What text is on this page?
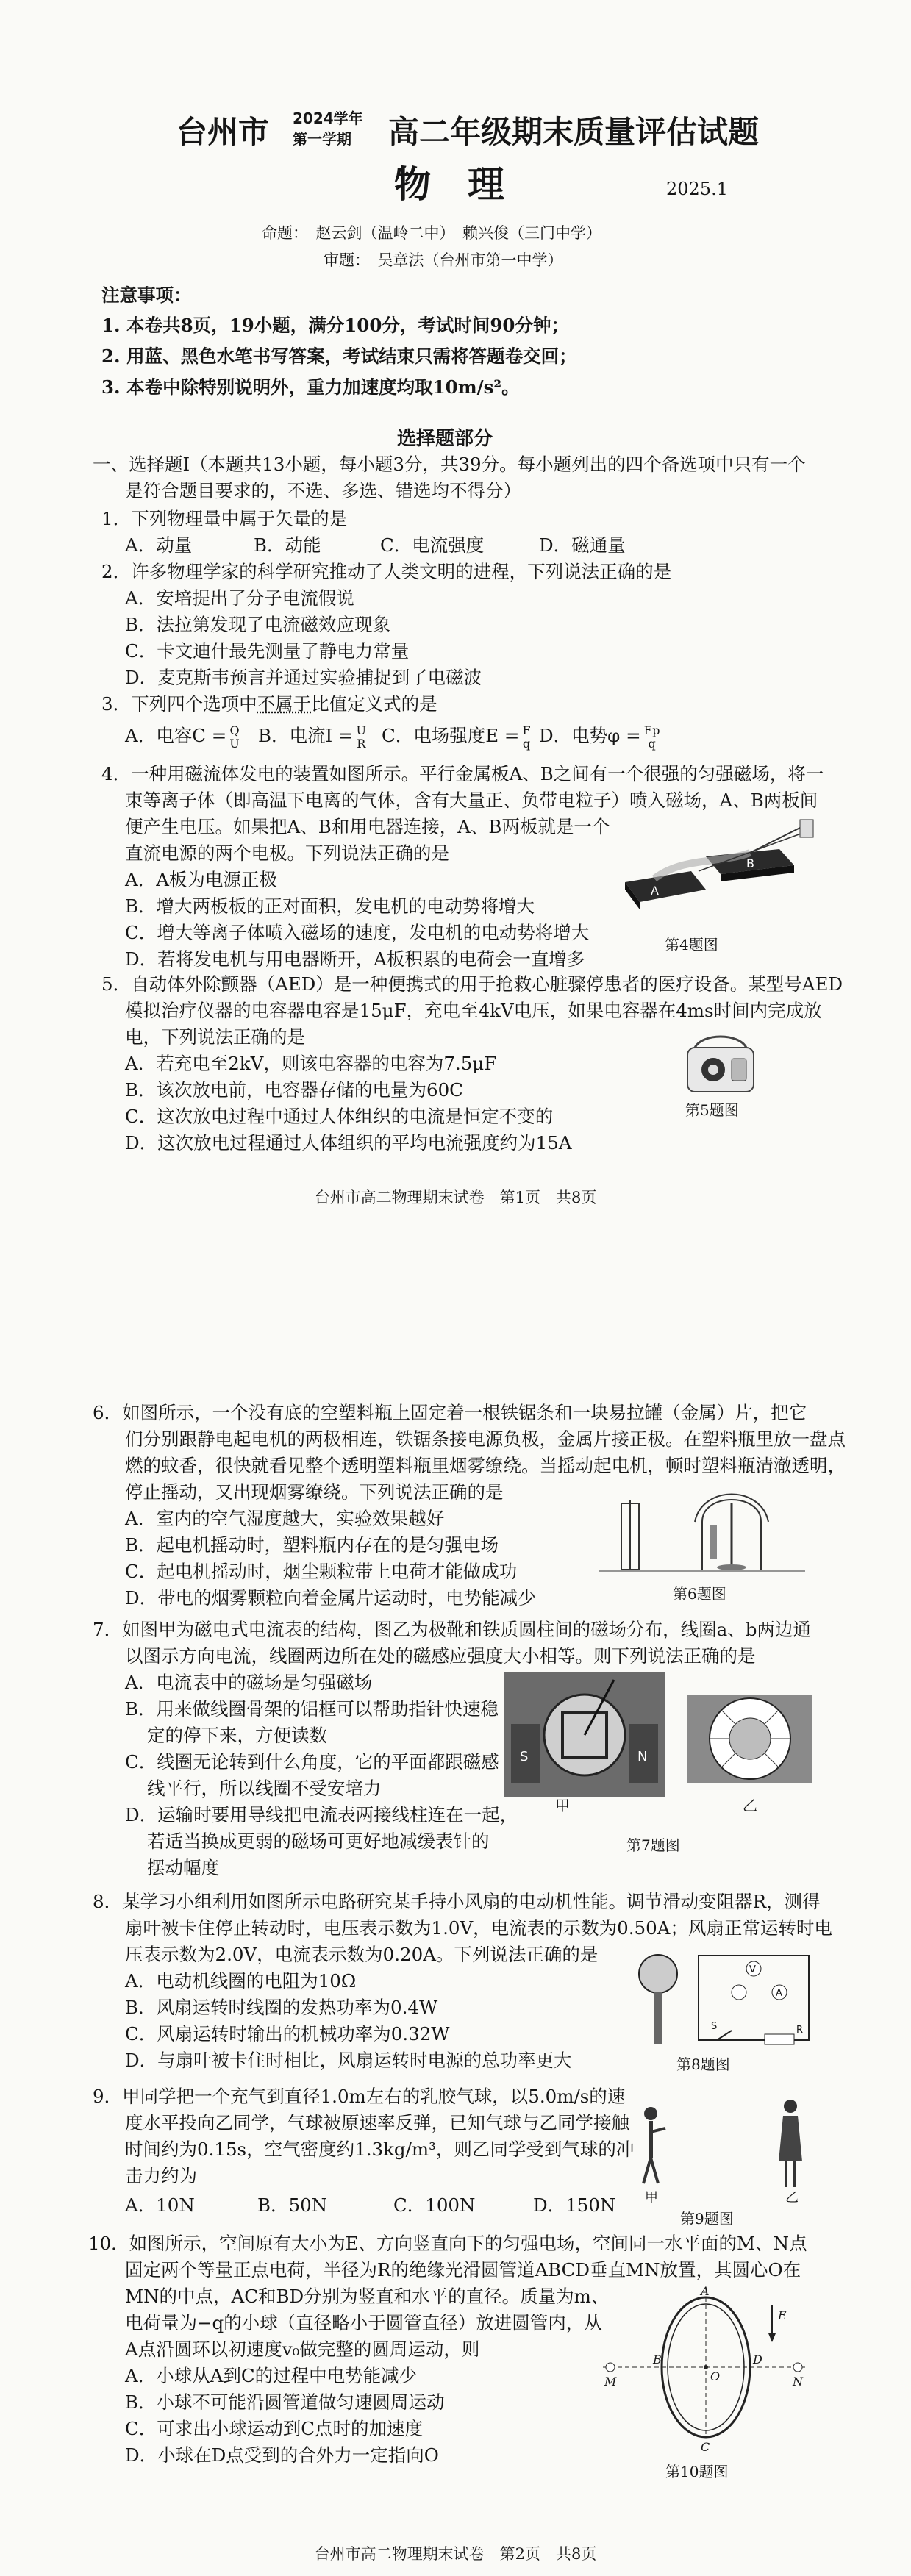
台州市 2024学年
第一学期 高二年级期末质量评估试题
物　理	2025.1
命题：　赵云剑（温岭二中）　赖兴俊（三门中学）
审题：　吴章法（台州市第一中学）
注意事项：
1. 本卷共8页，19小题，满分100分，考试时间90分钟；
2. 用蓝、黑色水笔书写答案，考试结束只需将答题卷交回；
3. 本卷中除特别说明外，重力加速度均取10m/s²。
选择题部分
一、选择题Ⅰ（本题共13小题，每小题3分，共39分。每小题列出的四个备选项中只有一个
是符合题目要求的，不选、多选、错选均不得分）
1．下列物理量中属于矢量的是
A．动量	B．动能	C．电流强度	D．磁通量
2．许多物理学家的科学研究推动了人类文明的进程，下列说法正确的是
A．安培提出了分子电流假说
B．法拉第发现了电流磁效应现象
C．卡文迪什最先测量了静电力常量
D．麦克斯韦预言并通过实验捕捉到了电磁波
3．下列四个选项中不属于比值定义式的是
A．电容$C = \frac{Q}{U}$ B．电流$I = \frac{U}{R}$ C．电场强度$E = \frac{F}{q}$ D．电势$\varphi = \frac{Ep}{q}$
4．一种用磁流体发电的装置如图所示。平行金属板A、B之间有一个很强的匀强磁场，将一
束等离子体（即高温下电离的气体，含有大量正、负带电粒子）喷入磁场，A、B两板间
便产生电压。如果把A、B和用电器连接，A、B两板就是一个
直流电源的两个电极。下列说法正确的是
A．A板为电源正极
B．增大两板板的正对面积，发电机的电动势将增大
C．增大等离子体喷入磁场的速度，发电机的电动势将增大
D．若将发电机与用电器断开，A板积累的电荷会一直增多
A
B
第4题图
5．自动体外除颤器（AED）是一种便携式的用于抢救心脏骤停患者的医疗设备。某型号AED
模拟治疗仪器的电容器电容是15μF，充电至4kV电压，如果电容器在4ms时间内完成放
电，下列说法正确的是
A．若充电至2kV，则该电容器的电容为7.5μF
B．该次放电前，电容器存储的电量为60C
C．这次放电过程中通过人体组织的电流是恒定不变的
D．这次放电过程通过人体组织的平均电流强度约为15A
第5题图
台州市高二物理期末试卷　第1页　共8页
6．如图所示，一个没有底的空塑料瓶上固定着一根铁锯条和一块易拉罐（金属）片，把它
们分别跟静电起电机的两极相连，铁锯条接电源负极，金属片接正极。在塑料瓶里放一盘点
燃的蚊香，很快就看见整个透明塑料瓶里烟雾缭绕。当摇动起电机，顿时塑料瓶清澈透明，
停止摇动，又出现烟雾缭绕。下列说法正确的是
A．室内的空气湿度越大，实验效果越好
B．起电机摇动时，塑料瓶内存在的是匀强电场
C．起电机摇动时，烟尘颗粒带上电荷才能做成功
D．带电的烟雾颗粒向着金属片运动时，电势能减少	第6题图
7．如图甲为磁电式电流表的结构，图乙为极靴和铁质圆柱间的磁场分布，线圈a、b两边通
以图示方向电流，线圈两边所在处的磁感应强度大小相等。则下列说法正确的是
A．电流表中的磁场是匀强磁场
B．用来做线圈骨架的铝框可以帮助指针快速稳
定的停下来，方便读数
C．线圈无论转到什么角度，它的平面都跟磁感
线平行，所以线圈不受安培力
D．运输时要用导线把电流表两接线柱连在一起，
若适当换成更弱的磁场可更好地减缓表针的
摆动幅度
S	N
甲	乙
第7题图
8．某学习小组利用如图所示电路研究某手持小风扇的电动机性能。调节滑动变阻器R，测得
扇叶被卡住停止转动时，电压表示数为1.0V，电流表的示数为0.50A；风扇正常运转时电
压表示数为2.0V，电流表示数为0.20A。下列说法正确的是
A．电动机线圈的电阻为10Ω
B．风扇运转时线圈的发热功率为0.4W
C．风扇运转时输出的机械功率为0.32W
D．与扇叶被卡住时相比，风扇运转时电源的总功率更大
V
A
S	R
第8题图
9．甲同学把一个充气到直径1.0m左右的乳胶气球，以5.0m/s的速
度水平投向乙同学，气球被原速率反弹，已知气球与乙同学接触
时间约为0.15s，空气密度约1.3kg/m³，则乙同学受到气球的冲
击力约为
A．10N	B．50N	C．100N	D．150N 甲	乙
第9题图
10．如图所示，空间原有大小为E、方向竖直向下的匀强电场，空间同一水平面的M、N点
固定两个等量正点电荷，半径为R的绝缘光滑圆管道ABCD垂直MN放置，其圆心O在
MN的中点，AC和BD分别为竖直和水平的直径。质量为m、
电荷量为−q的小球（直径略小于圆管直径）放进圆管内，从
A点沿圆环以初速度v₀做完整的圆周运动，则
A．小球从A到C的过程中电势能减少
B．小球不可能沿圆管道做匀速圆周运动
C．可求出小球运动到C点时的加速度
D．小球在D点受到的合外力一定指向O
A
B
C
D
O
M	N
E
第10题图
台州市高二物理期末试卷　第2页　共8页
